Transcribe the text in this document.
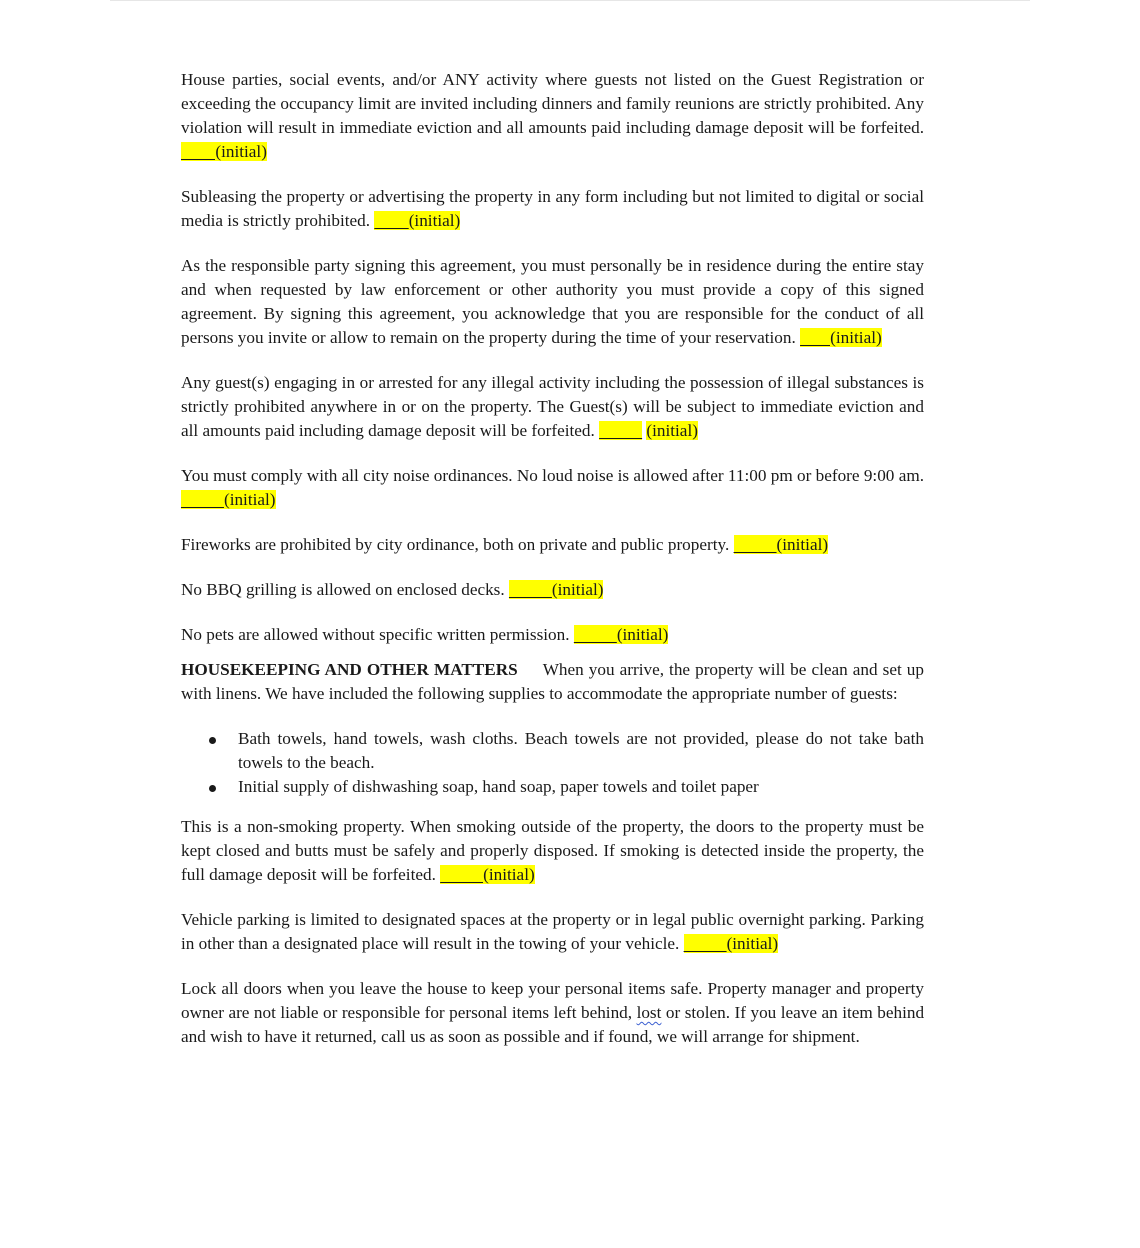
House parties, social events, and/or ANY activity where guests not listed on the Guest Registration or exceeding the occupancy limit are invited including dinners and family reunions are strictly prohibited. Any violation will result in immediate eviction and all amounts paid including damage deposit will be forfeited.         (initial)

Subleasing the property or advertising the property in any form including but not limited to digital or social media is strictly prohibited. (initial)

As the responsible party signing this agreement, you must personally be in residence during the entire stay and when requested by law enforcement or other authority you must provide a copy of this signed agreement. By signing this agreement, you acknowledge that you are responsible for the conduct of all persons you invite or allow to remain on the property during the time of your reservation. (initial)

Any guest(s) engaging in or arrested for any illegal activity including the possession of illegal substances is strictly prohibited anywhere in or on the property. The Guest(s) will be subject to immediate eviction and all amounts paid including damage deposit will be forfeited.	(initial)

You must comply with all city noise ordinances. No loud noise is allowed after 11:00 pm or before 9:00 am.           (initial)

Fireworks are prohibited by city ordinance, both on private and public property.	(initial)

No BBQ grilling is allowed on enclosed decks.	(initial)

No pets are allowed without specific written permission.	(initial)

HOUSEKEEPING AND OTHER MATTERS When you arrive, the property will be clean and set up with linens. We have included the following supplies to accommodate the appropriate number of guests:

Bath towels, hand towels, wash cloths. Beach towels are not provided, please do not take bath towels to the beach.
Initial supply of dishwashing soap, hand soap, paper towels and toilet paper

This is a non-smoking property. When smoking outside of the property, the doors to the property must be kept closed and butts must be safely and properly disposed. If smoking is detected inside the property, the full damage deposit will be forfeited.	(initial)

Vehicle parking is limited to designated spaces at the property or in legal public overnight parking. Parking in other than a designated place will result in the towing of your vehicle.	(initial)

Lock all doors when you leave the house to keep your personal items safe. Property manager and property owner are not liable or responsible for personal items left behind, lost or stolen. If you leave an item behind and wish to have it returned, call us as soon as possible and if found, we will arrange for shipment.
